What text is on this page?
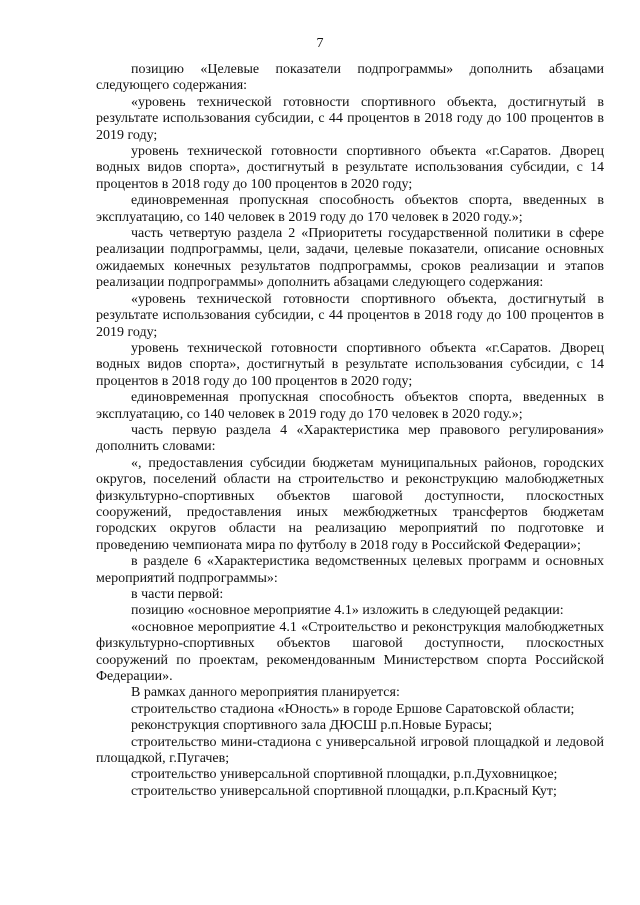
7

позицию «Целевые показатели подпрограммы» дополнить абзацами следующего содержания:

«уровень технической готовности спортивного объекта, достигнутый в результате использования субсидии, с 44 процентов в 2018 году до 100 процентов в 2019 году;

уровень технической готовности спортивного объекта «г.Саратов. Дворец водных видов спорта», достигнутый в результате использования субсидии, с 14 процентов в 2018 году до 100 процентов в 2020 году;

единовременная пропускная способность объектов спорта, введенных в эксплуатацию, со 140 человек в 2019 году до 170 человек в 2020 году.»;

часть четвертую раздела 2 «Приоритеты государственной политики в сфере реализации подпрограммы, цели, задачи, целевые показатели, описание основных ожидаемых конечных результатов подпрограммы, сроков реализации и этапов реализации подпрограммы» дополнить абзацами следующего содержания:

«уровень технической готовности спортивного объекта, достигнутый в результате использования субсидии, с 44 процентов в 2018 году до 100 процентов в 2019 году;

уровень технической готовности спортивного объекта «г.Саратов. Дворец водных видов спорта», достигнутый в результате использования субсидии, с 14 процентов в 2018 году до 100 процентов в 2020 году;

единовременная пропускная способность объектов спорта, введенных в эксплуатацию, со 140 человек в 2019 году до 170 человек в 2020 году.»;

часть первую раздела 4 «Характеристика мер правового регулирования» дополнить словами:

«, предоставления субсидии бюджетам муниципальных районов, городских округов, поселений области на строительство и реконструкцию малобюджетных физкультурно-спортивных объектов шаговой доступности, плоскостных сооружений, предоставления иных межбюджетных трансфертов бюджетам городских округов области на реализацию мероприятий по подготовке и проведению чемпионата мира по футболу в 2018 году в Российской Федерации»;

в разделе 6 «Характеристика ведомственных целевых программ и основных мероприятий подпрограммы»:

в части первой:

позицию «основное мероприятие 4.1» изложить в следующей редакции:

«основное мероприятие 4.1 «Строительство и реконструкция малобюджетных физкультурно-спортивных объектов шаговой доступности, плоскостных сооружений по проектам, рекомендованным Министерством спорта Российской Федерации».

В рамках данного мероприятия планируется:

строительство стадиона «Юность» в городе Ершове Саратовской области;

реконструкция спортивного зала ДЮСШ р.п.Новые Бурасы;

строительство мини-стадиона с универсальной игровой площадкой и ледовой площадкой, г.Пугачев;

строительство универсальной спортивной площадки, р.п.Духовницкое;

строительство универсальной спортивной площадки, р.п.Красный Кут;
